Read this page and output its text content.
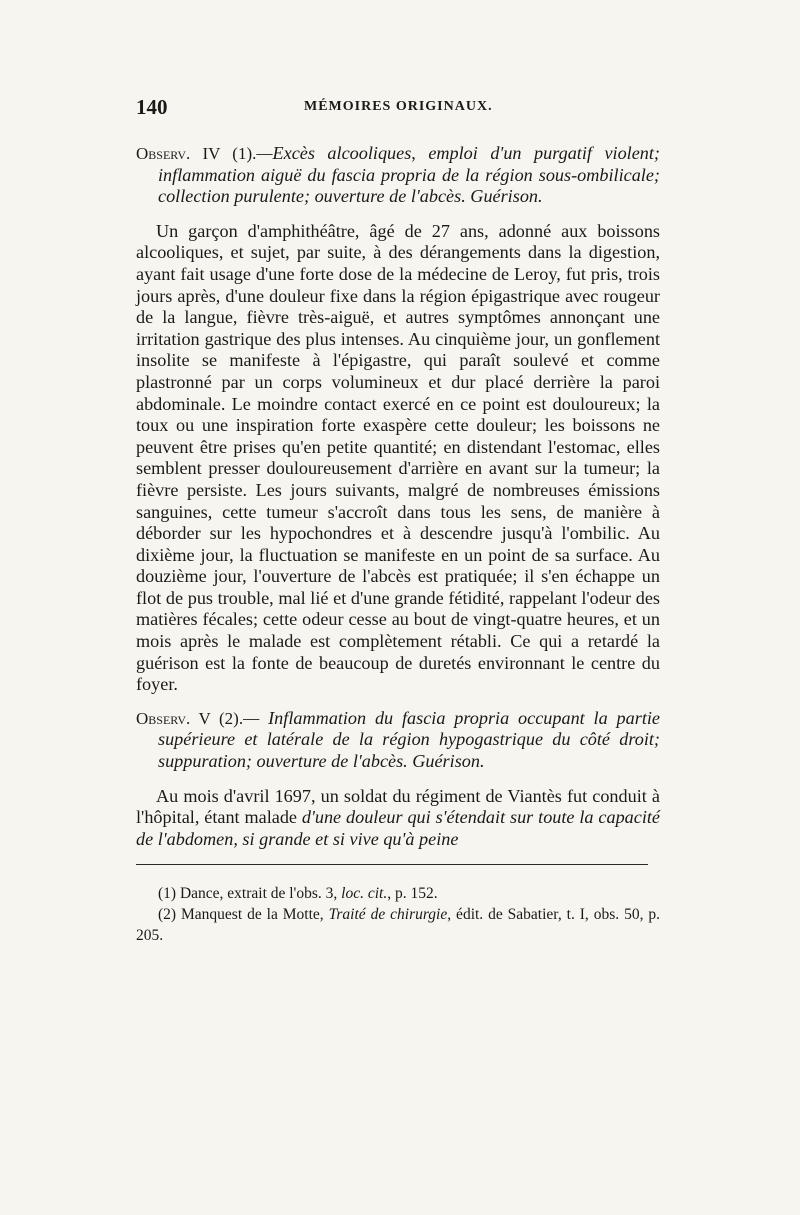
140	MÉMOIRES ORIGINAUX.

Observ. IV (1).—Excès alcooliques, emploi d'un purgatif violent; inflammation aiguë du fascia propria de la région sous-ombilicale; collection purulente; ouverture de l'abcès. Guérison.

Un garçon d'amphithéâtre, âgé de 27 ans, adonné aux boissons alcooliques, et sujet, par suite, à des dérangements dans la digestion, ayant fait usage d'une forte dose de la médecine de Leroy, fut pris, trois jours après, d'une douleur fixe dans la région épigastrique avec rougeur de la langue, fièvre très-aiguë, et autres symptômes annonçant une irritation gastrique des plus intenses. Au cinquième jour, un gonflement insolite se manifeste à l'épigastre, qui paraît soulevé et comme plastronné par un corps volumineux et dur placé derrière la paroi abdominale. Le moindre contact exercé en ce point est douloureux; la toux ou une inspiration forte exaspère cette douleur; les boissons ne peuvent être prises qu'en petite quantité; en distendant l'estomac, elles semblent presser douloureusement d'arrière en avant sur la tumeur; la fièvre persiste. Les jours suivants, malgré de nombreuses émissions sanguines, cette tumeur s'accroît dans tous les sens, de manière à déborder sur les hypochondres et à descendre jusqu'à l'ombilic. Au dixième jour, la fluctuation se manifeste en un point de sa surface. Au douzième jour, l'ouverture de l'abcès est pratiquée; il s'en échappe un flot de pus trouble, mal lié et d'une grande fétidité, rappelant l'odeur des matières fécales; cette odeur cesse au bout de vingt-quatre heures, et un mois après le malade est complètement rétabli. Ce qui a retardé la guérison est la fonte de beaucoup de duretés environnant le centre du foyer.

Observ. V (2).— Inflammation du fascia propria occupant la partie supérieure et latérale de la région hypogastrique du côté droit; suppuration; ouverture de l'abcès. Guérison.

Au mois d'avril 1697, un soldat du régiment de Viantès fut conduit à l'hôpital, étant malade d'une douleur qui s'étendait sur toute la capacité de l'abdomen, si grande et si vive qu'à peine

(1) Dance, extrait de l'obs. 3, loc. cit., p. 152.

(2) Manquest de la Motte, Traité de chirurgie, édit. de Sabatier, t. I, obs. 50, p. 205.
